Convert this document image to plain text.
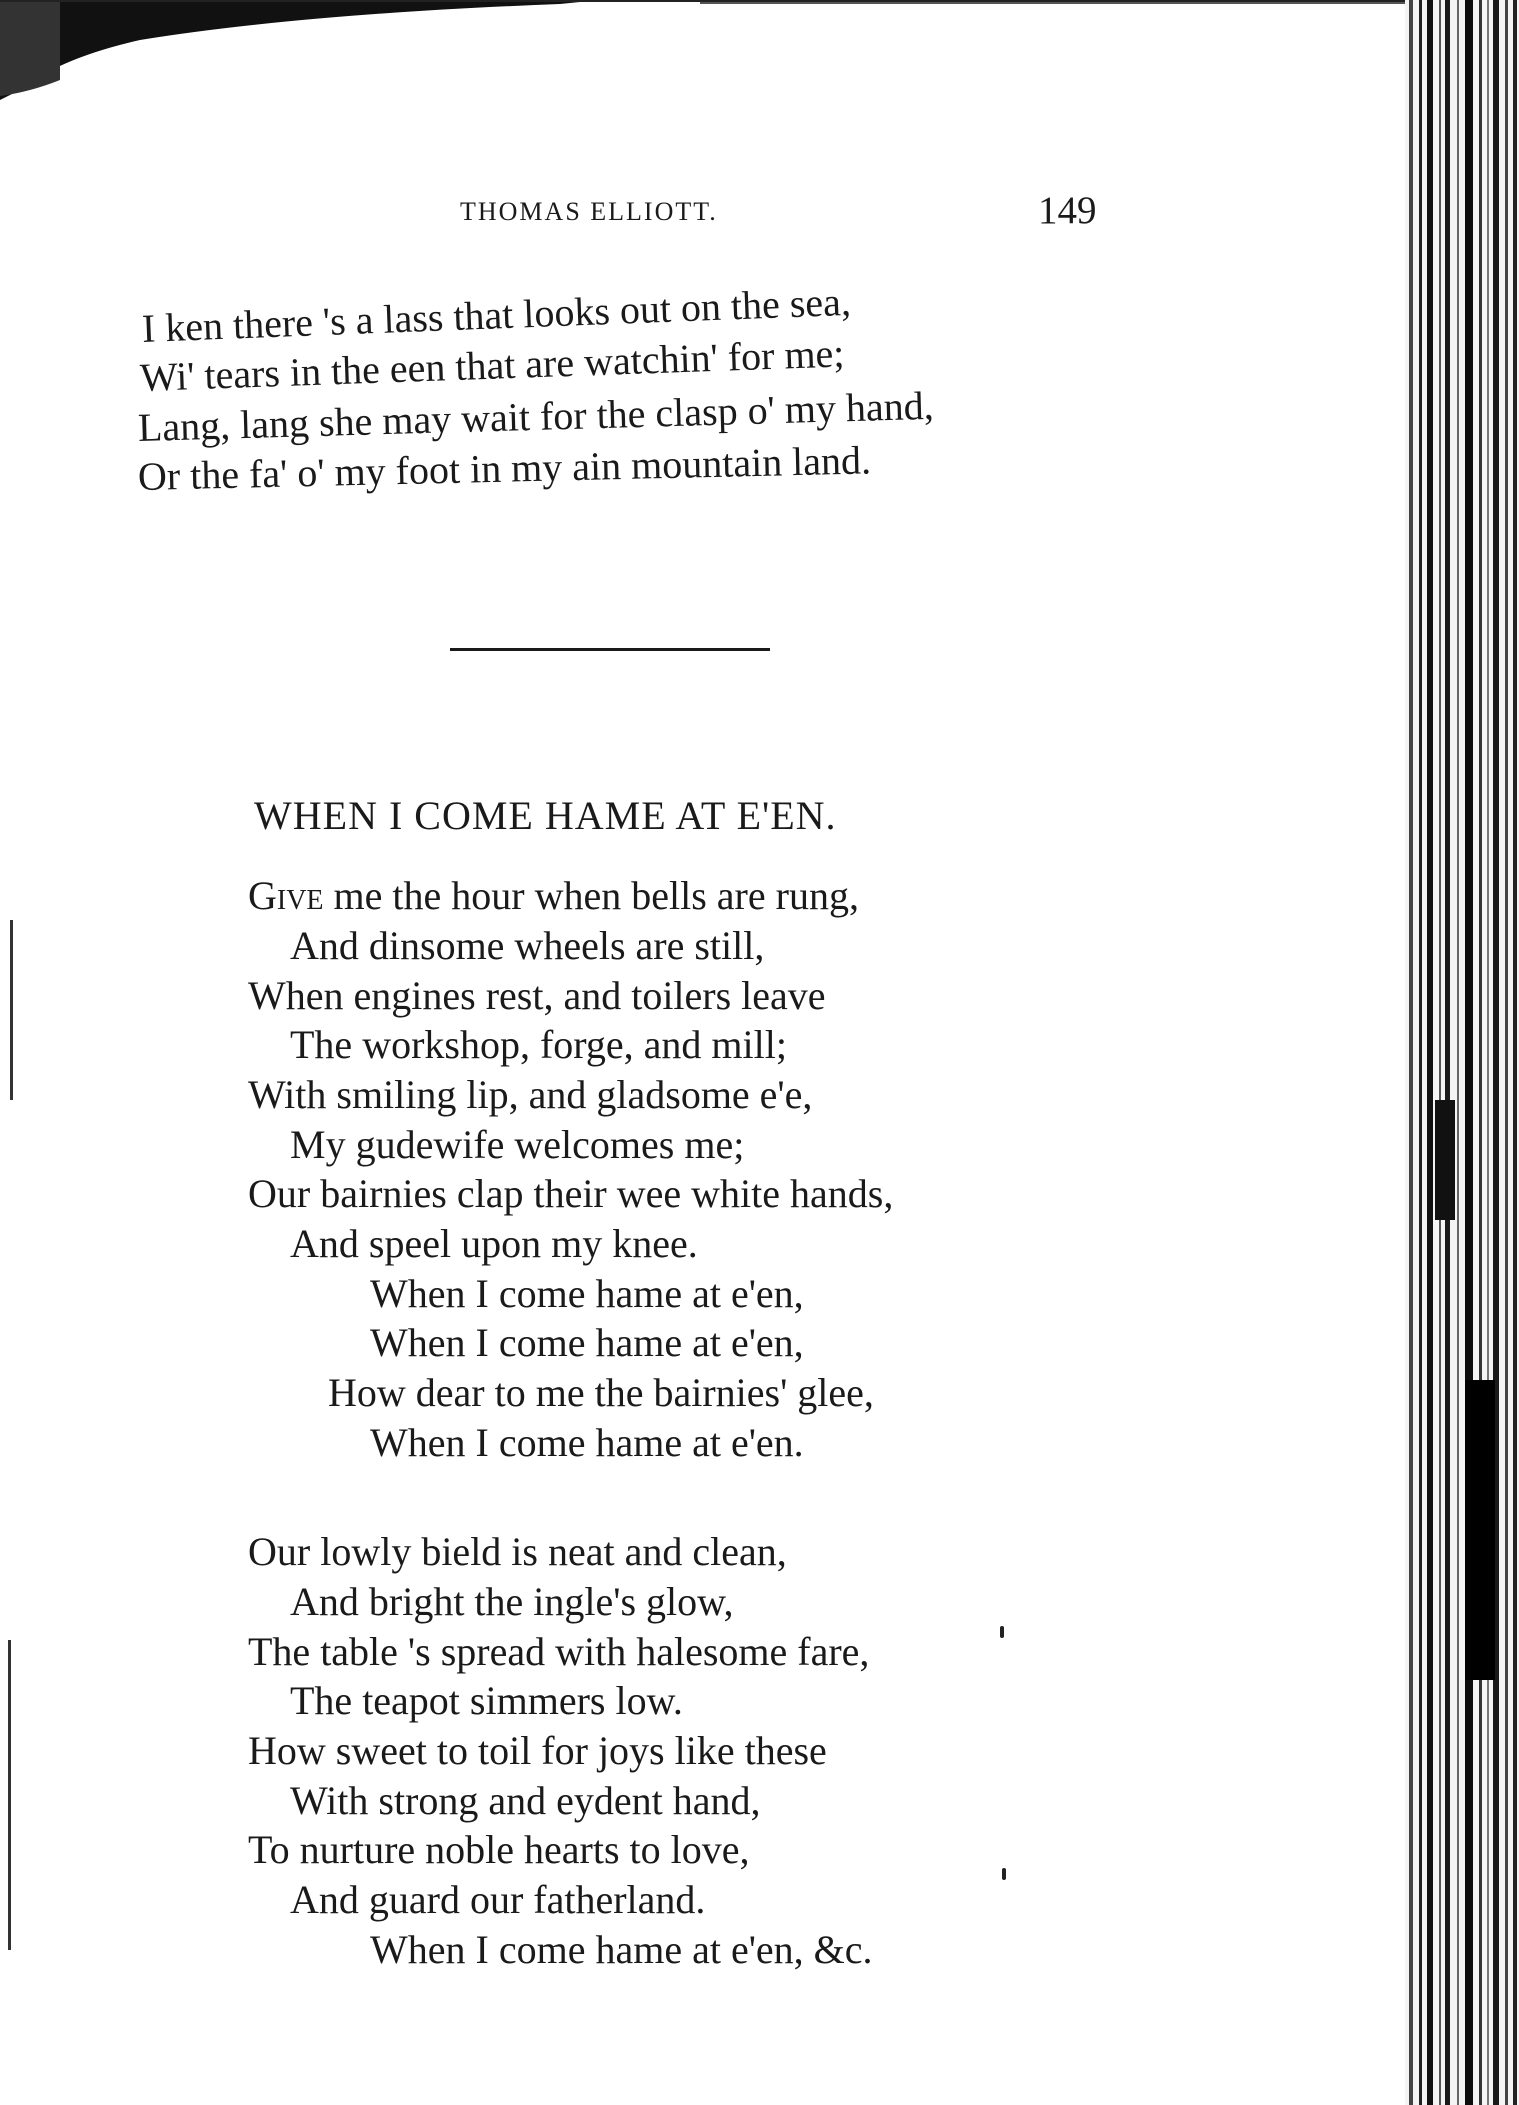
THOMAS ELLIOTT.	149
I ken there 's a lass that looks out on the sea,
Wi' tears in the een that are watchin' for me;
Lang, lang she may wait for the clasp o' my hand,
Or the fa' o' my foot in my ain mountain land.
WHEN I COME HAME AT E'EN.
Give me the hour when bells are rung,
And dinsome wheels are still,
When engines rest, and toilers leave
The workshop, forge, and mill;
With smiling lip, and gladsome e'e,
My gudewife welcomes me;
Our bairnies clap their wee white hands,
And speel upon my knee.
When I come hame at e'en,
When I come hame at e'en,
How dear to me the bairnies' glee,
When I come hame at e'en.
Our lowly bield is neat and clean,
And bright the ingle's glow,
The table 's spread with halesome fare,
The teapot simmers low.
How sweet to toil for joys like these
With strong and eydent hand,
To nurture noble hearts to love,
And guard our fatherland.
When I come hame at e'en, &c.
